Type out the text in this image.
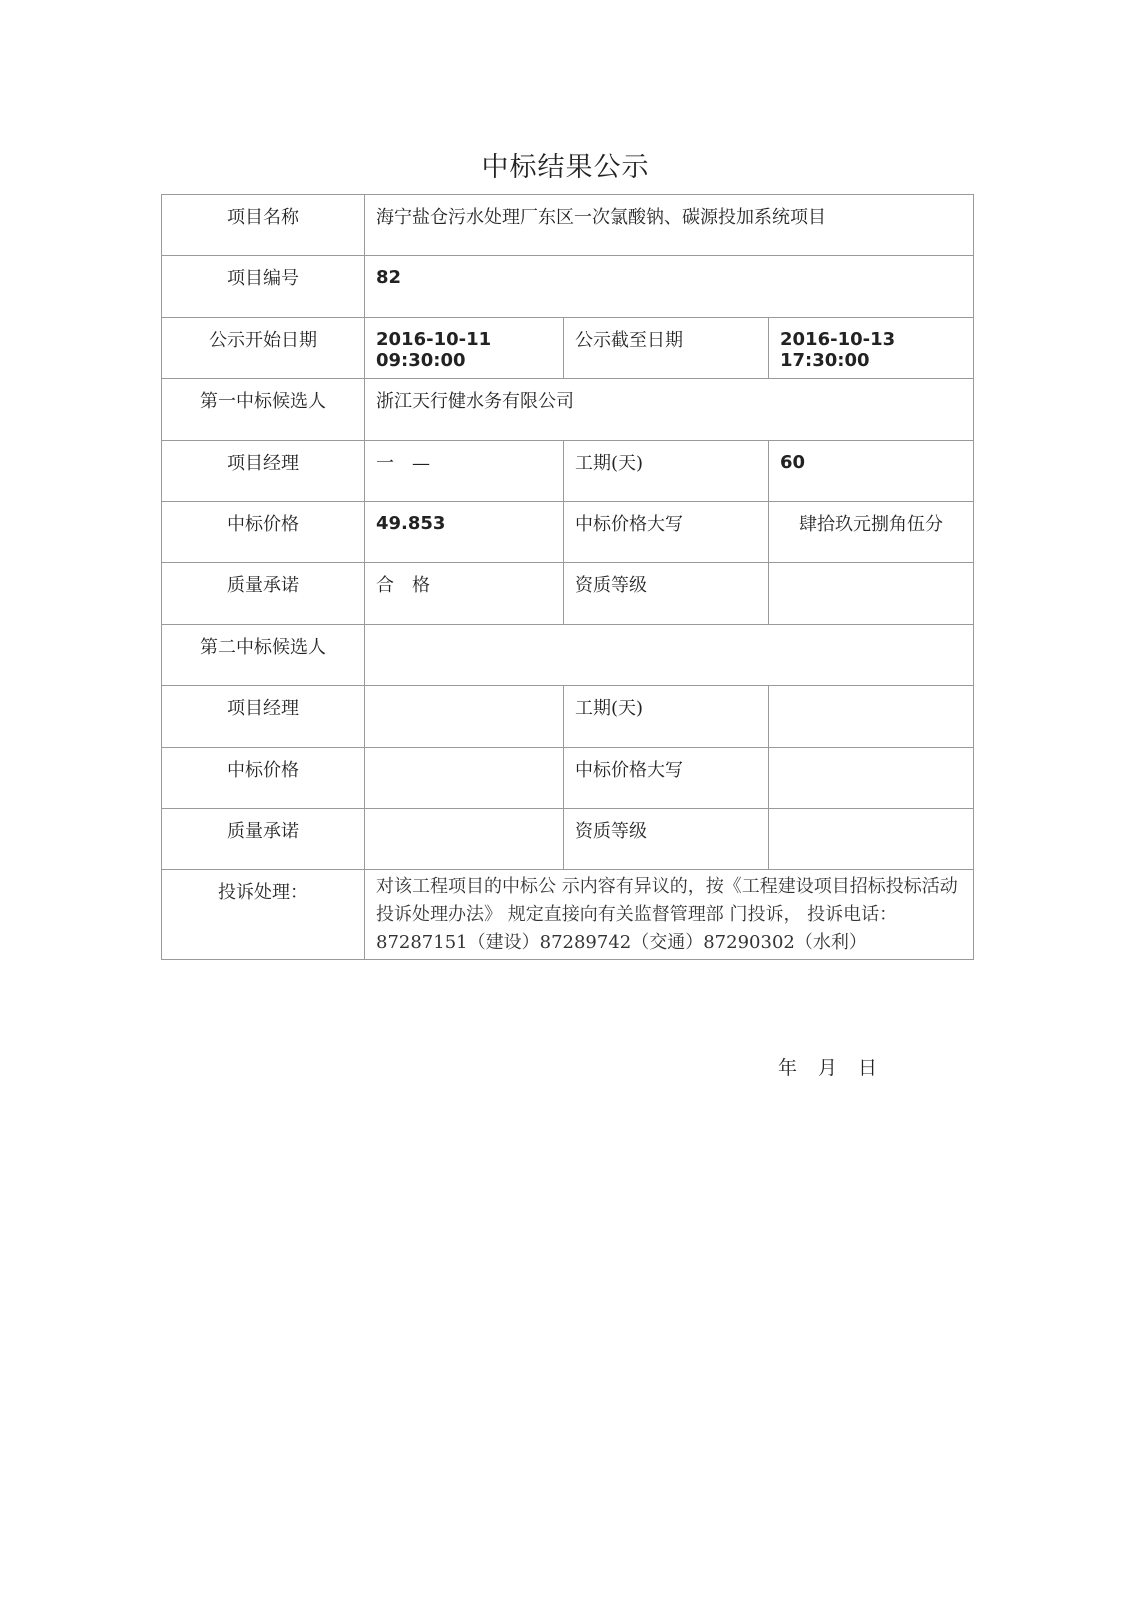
中标结果公示
项目名称	海宁盐仓污水处理厂东区一次氯酸钠、碳源投加系统项目		
项目编号	82		
公示开始日期	2016-10-11 09:30:00	公示截至日期	2016-10-13 17:30:00
第一中标候选人	浙江天行健水务有限公司		
项目经理	一　—	工期(天)	60
中标价格	49.853	中标价格大写	肆拾玖元捌角伍分
质量承诺	合　格	资质等级	
第二中标候选人			
项目经理		工期(天)	
中标价格		中标价格大写	
质量承诺		资质等级	
投诉处理：	对该工程项目的中标公 示内容有异议的，按《工程建设项目招标投标活动投诉处理办法》 规定直接向有关监督管理部 门投诉， 投诉电话：87287151（建设）87289742（交通）87290302（水利）		
年　月　日
